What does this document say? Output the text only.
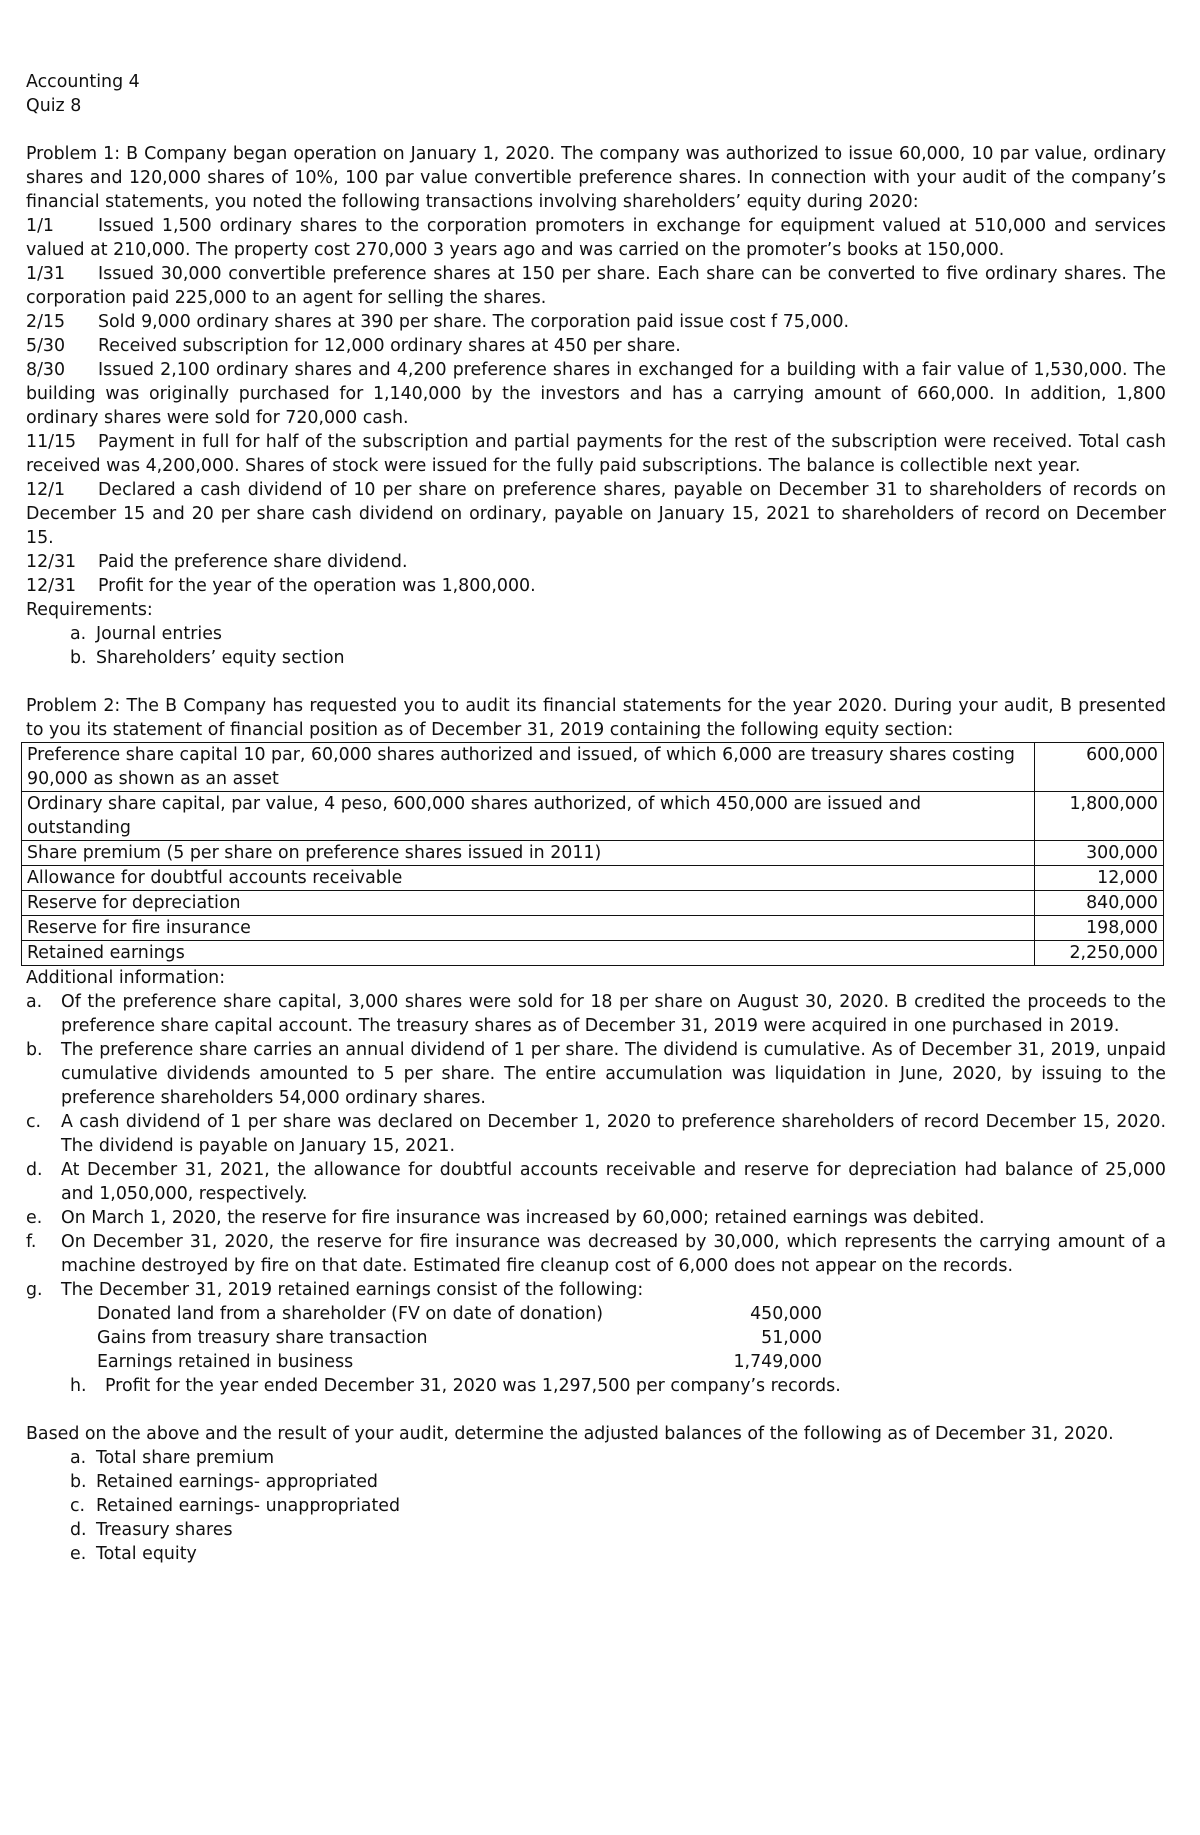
Accounting 4
Quiz 8

Problem 1: B Company began operation on January 1, 2020. The company was authorized to issue 60,000, 10 par value, ordinary shares and 120,000 shares of 10%, 100 par value convertible preference shares. In connection with your audit of the company’s financial statements, you noted the following transactions involving shareholders’ equity during 2020:

1/1	Issued 1,500 ordinary shares to the corporation promoters in exchange for equipment valued at 510,000 and services valued at 210,000. The property cost 270,000 3 years ago and was carried on the promoter’s books at 150,000.

1/31 Issued 30,000 convertible preference shares at 150 per share. Each share can be converted to five ordinary shares. The corporation paid 225,000 to an agent for selling the shares.

2/15 Sold 9,000 ordinary shares at 390 per share. The corporation paid issue cost f 75,000.

5/30 Received subscription for 12,000 ordinary shares at 450 per share.

8/30 Issued 2,100 ordinary shares and 4,200 preference shares in exchanged for a building with a fair value of 1,530,000. The building was originally purchased for 1,140,000 by the investors and has a carrying amount of 660,000. In addition, 1,800 ordinary shares were sold for 720,000 cash.

11/15 Payment in full for half of the subscription and partial payments for the rest of the subscription were received. Total cash received was 4,200,000. Shares of stock were issued for the fully paid subscriptions. The balance is collectible next year.

12/1 Declared a cash dividend of 10 per share on preference shares, payable on December 31 to shareholders of records on December 15 and 20 per share cash dividend on ordinary, payable on January 15, 2021 to shareholders of record on December 15.

12/31 Paid the preference share dividend.

12/31 Profit for the year of the operation was 1,800,000.

Requirements:
a. Journal entries
b. Shareholders’ equity section

Problem 2: The B Company has requested you to audit its financial statements for the year 2020. During your audit, B presented to you its statement of financial position as of December 31, 2019 containing the following equity section:

Preference share capital 10 par, 60,000 shares authorized and issued, of which 6,000 are treasury shares costing 90,000 as shown as an asset	600,000
Ordinary share capital, par value, 4 peso, 600,000 shares authorized, of which 450,000 are issued and outstanding	1,800,000
Share premium (5 per share on preference shares issued in 2011)	300,000
Allowance for doubtful accounts receivable	12,000
Reserve for depreciation	840,000
Reserve for fire insurance	198,000
Retained earnings	2,250,000
Additional information:
a.	Of the preference share capital, 3,000 shares were sold for 18 per share on August 30, 2020. B credited the proceeds to the preference share capital account. The treasury shares as of December 31, 2019 were acquired in one purchased in 2019.
b.	The preference share carries an annual dividend of 1 per share. The dividend is cumulative. As of December 31, 2019, unpaid cumulative dividends amounted to 5 per share. The entire accumulation was liquidation in June, 2020, by issuing to the preference shareholders 54,000 ordinary shares.
c.	A cash dividend of 1 per share was declared on December 1, 2020 to preference shareholders of record December 15, 2020. The dividend is payable on January 15, 2021.
d.	At December 31, 2021, the allowance for doubtful accounts receivable and reserve for depreciation had balance of 25,000 and 1,050,000, respectively.
e.	On March 1, 2020, the reserve for fire insurance was increased by 60,000; retained earnings was debited.
f.	On December 31, 2020, the reserve for fire insurance was decreased by 30,000, which represents the carrying amount of a machine destroyed by fire on that date. Estimated fire cleanup cost of 6,000 does not appear on the records.
g.	The December 31, 2019 retained earnings consist of the following:
Donated land from a shareholder (FV on date of donation)	450,000
Gains from treasury share transaction	51,000
Earnings retained in business	1,749,000
h.	Profit for the year ended December 31, 2020 was 1,297,500 per company’s records.
Based on the above and the result of your audit, determine the adjusted balances of the following as of December 31, 2020.
a. Total share premium
b. Retained earnings- appropriated
c. Retained earnings- unappropriated
d. Treasury shares
e. Total equity
